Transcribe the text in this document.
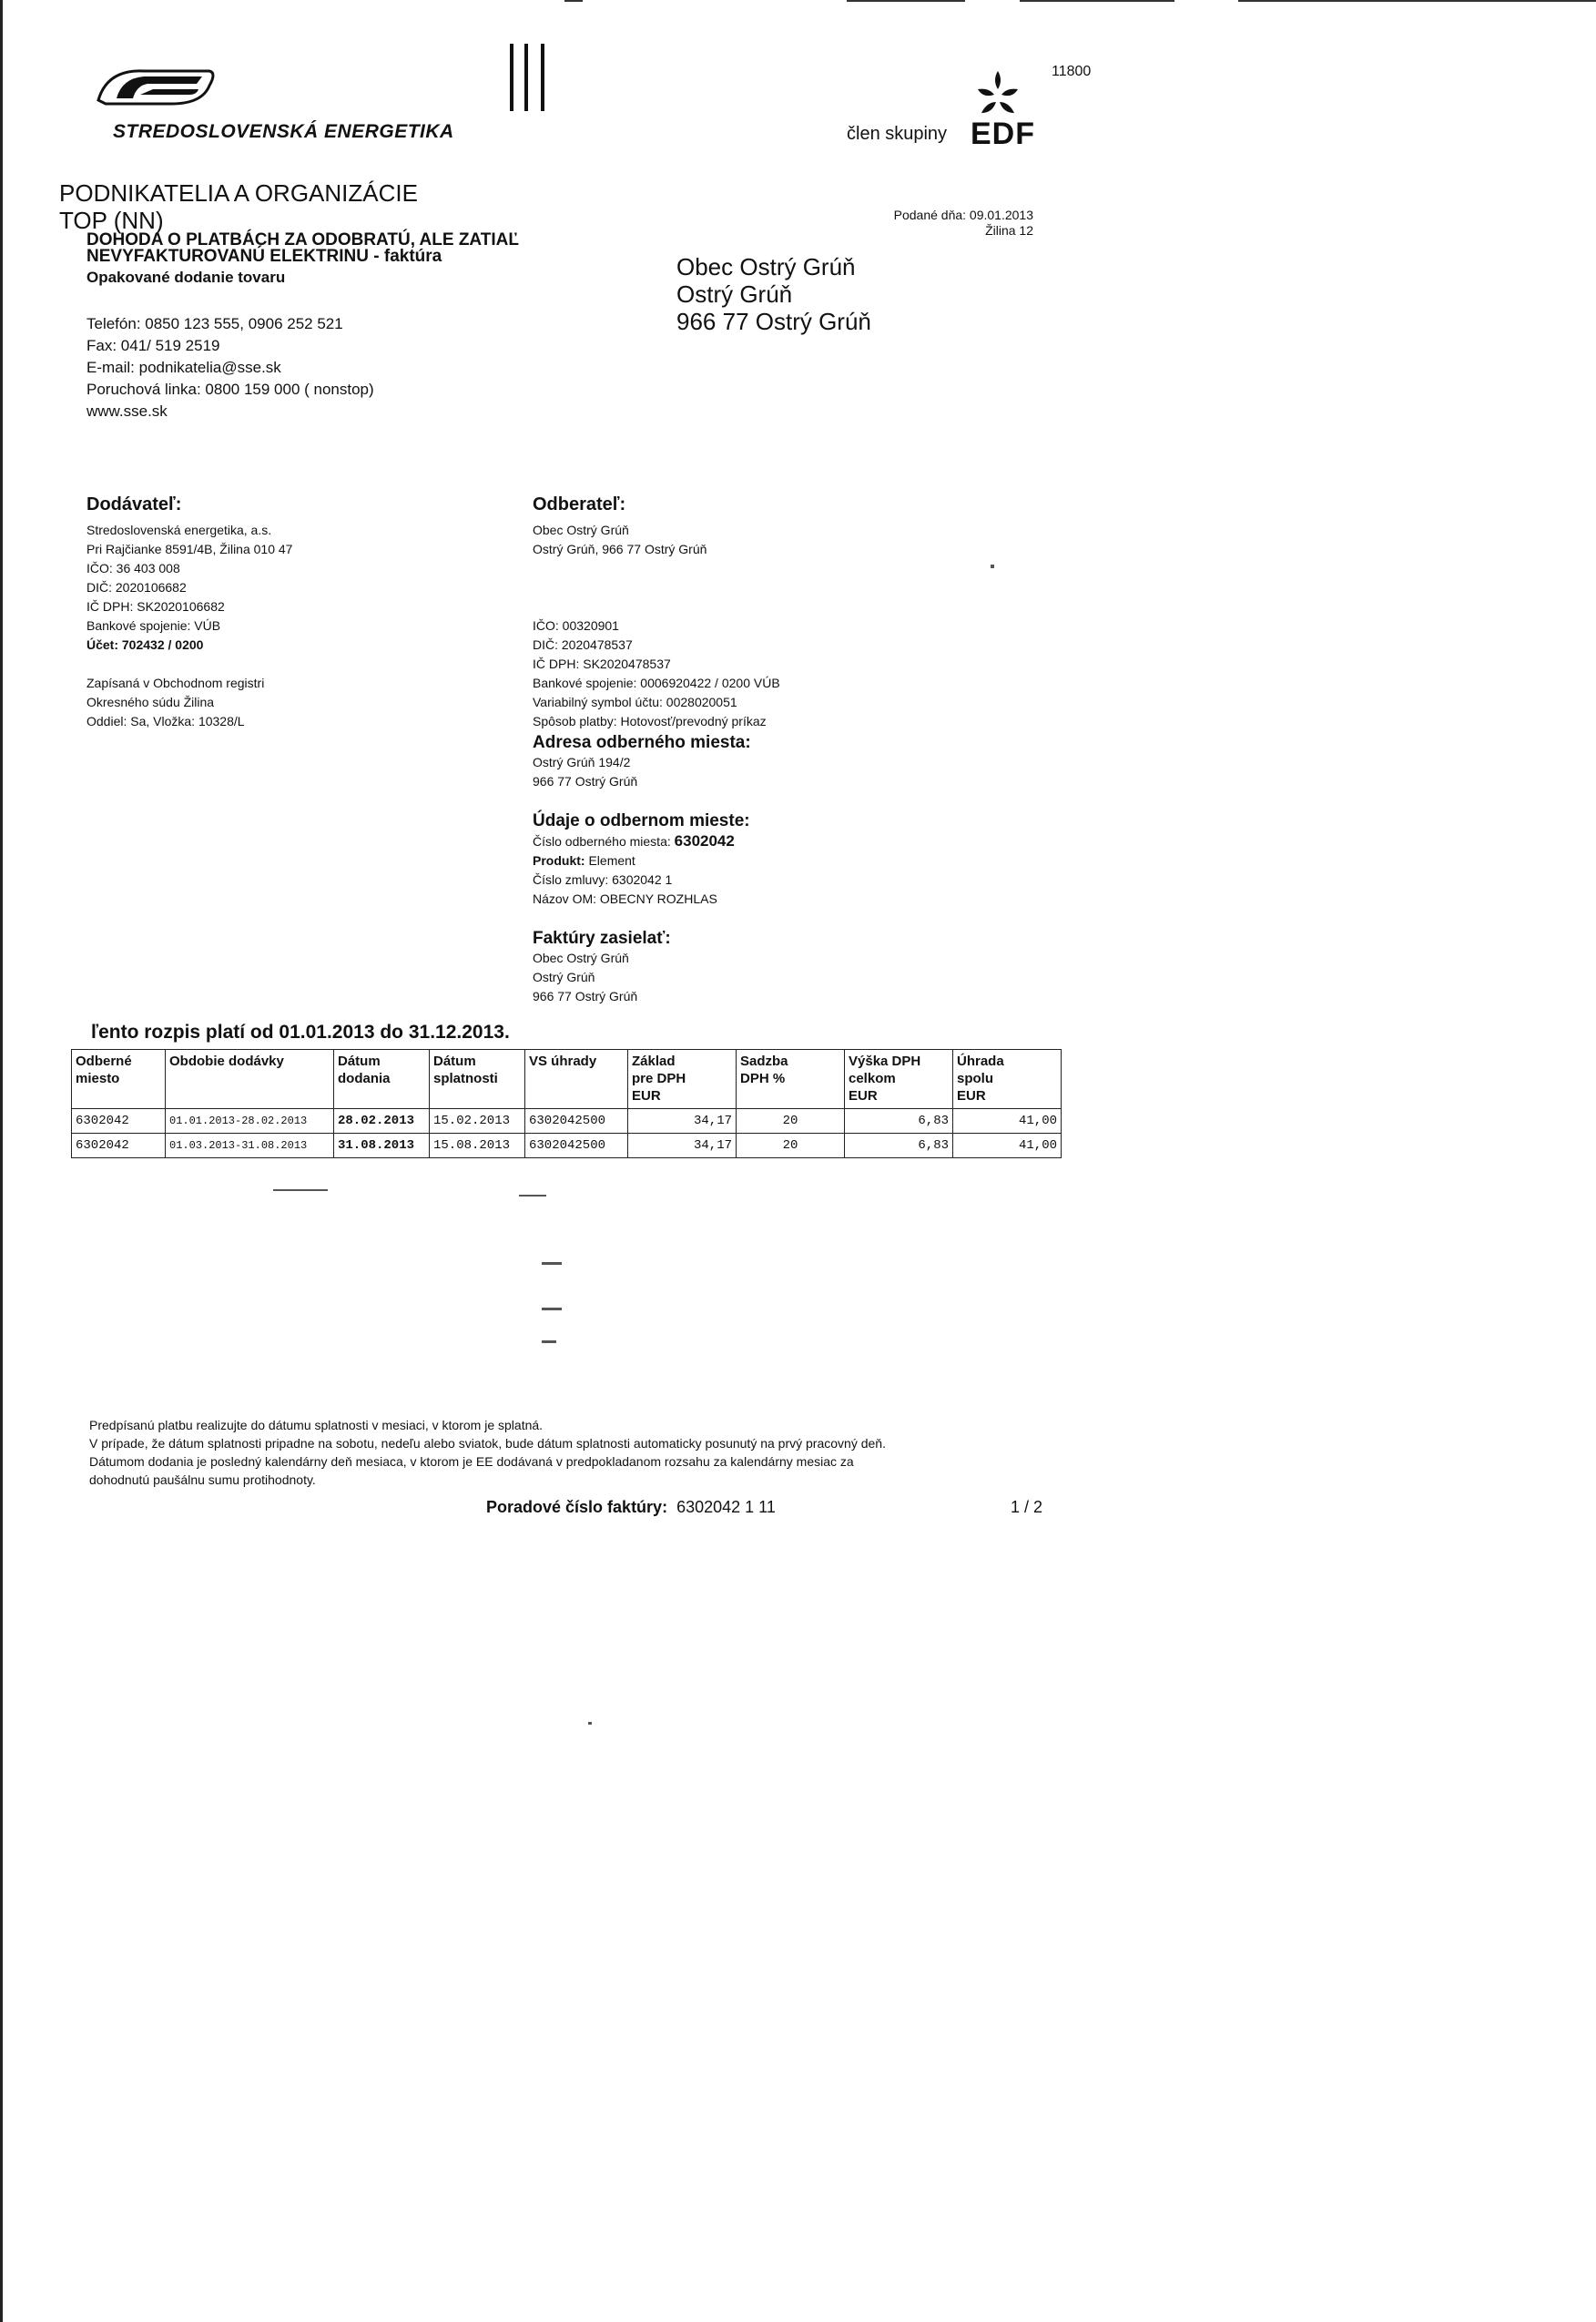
STREDOSLOVENSKÁ ENERGETIKA
11800
člen skupiny EDF
PODNIKATELIA A ORGANIZÁCIE
TOP (NN)
DOHODA O PLATBÁCH ZA ODOBRATÚ, ALE ZATIAĽ
NEVYFAKTUROVANÚ ELEKTRINU - faktúra
Opakované dodanie tovaru
Telefón: 0850 123 555, 0906 252 521
Fax: 041/ 519 2519
E-mail: podnikatelia@sse.sk
Poruchová linka: 0800 159 000 ( nonstop)
www.sse.sk
Podané dňa: 09.01.2013
Žilina 12
Obec Ostrý Grúň
Ostrý Grúň
966 77 Ostrý Grúň
Dodávateľ:
Stredoslovenská energetika, a.s.
Pri Rajčianke 8591/4B, Žilina 010 47
IČO: 36 403 008
DIČ: 2020106682
IČ DPH: SK2020106682
Bankové spojenie: VÚB
Účet: 702432 / 0200
Zapísaná v Obchodnom registri
Okresného súdu Žilina
Oddiel: Sa, Vložka: 10328/L
Odberateľ:
Obec Ostrý Grúň
Ostrý Grúň, 966 77 Ostrý Grúň
IČO: 00320901
DIČ: 2020478537
IČ DPH: SK2020478537
Bankové spojenie: 0006920422 / 0200 VÚB
Variabilný symbol účtu: 0028020051
Spôsob platby: Hotovosť/prevodný príkaz
Adresa odberného miesta:
Ostrý Grúň 194/2
966 77 Ostrý Grúň
Údaje o odbernom mieste:
Číslo odberného miesta: 6302042
Produkt: Element
Číslo zmluvy: 6302042 1
Názov OM: OBECNY ROZHLAS
Faktúry zasielať:
Obec Ostrý Grúň
Ostrý Grúň
966 77 Ostrý Grúň
ľento rozpis platí od 01.01.2013 do 31.12.2013.
Odberné
miesto	Obdobie dodávky	Dátum
dodania	Dátum
splatnosti	VS úhrady	Základ
pre DPH
EUR	Sadzba
DPH %	Výška DPH
celkom
EUR	Úhrada
spolu
EUR
6302042	01.01.2013-28.02.2013	28.02.2013	15.02.2013	6302042500	34,17	20	6,83	41,00
6302042	01.03.2013-31.08.2013	31.08.2013	15.08.2013	6302042500	34,17	20	6,83	41,00
Predpísanú platbu realizujte do dátumu splatnosti v mesiaci, v ktorom je splatná.
V prípade, že dátum splatnosti pripadne na sobotu, nedeľu alebo sviatok, bude dátum splatnosti automaticky posunutý na prvý pracovný deň.
Dátumom dodania je posledný kalendárny deň mesiaca, v ktorom je EE dodávaná v predpokladanom rozsahu za kalendárny mesiac za
dohodnutú paušálnu sumu protihodnoty.
Poradové číslo faktúry: 6302042 1 11	1 / 2
